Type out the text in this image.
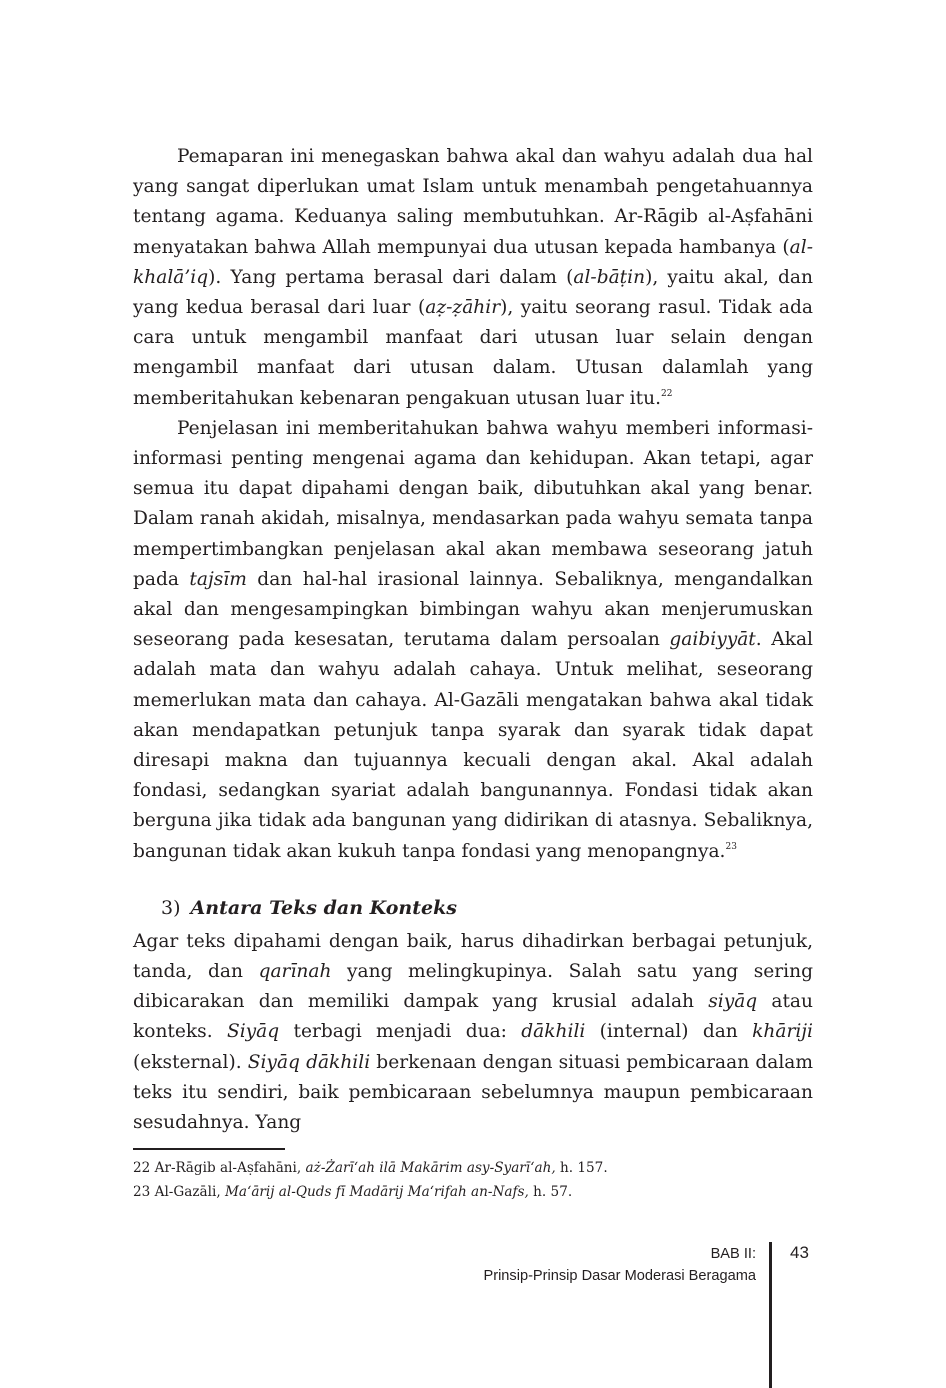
Pemaparan ini menegaskan bahwa akal dan wahyu adalah dua hal yang sangat diperlukan umat Islam untuk menambah pengetahuannya tentang agama. Keduanya saling membutuhkan. Ar-Rāgib al-Aṣfahāni menyatakan bahwa Allah mempunyai dua utusan kepada hambanya (al-khalā’iq). Yang pertama berasal dari dalam (al-bāṭin), yaitu akal, dan yang kedua berasal dari luar (aẓ-ẓāhir), yaitu seorang rasul. Tidak ada cara untuk mengambil manfaat dari utusan luar selain dengan mengambil manfaat dari utusan dalam. Utusan dalamlah yang memberitahukan kebenaran pengakuan utusan luar itu.$^{22}$

Penjelasan ini memberitahukan bahwa wahyu memberi informasi-informasi penting mengenai agama dan kehidupan. Akan tetapi, agar semua itu dapat dipahami dengan baik, dibutuhkan akal yang benar. Dalam ranah akidah, misalnya, mendasarkan pada wahyu semata tanpa mempertimbangkan penjelasan akal akan membawa seseorang jatuh pada tajsīm dan hal-hal irasional lainnya. Sebaliknya, mengandalkan akal dan mengesampingkan bimbingan wahyu akan menjerumuskan seseorang pada kesesatan, terutama dalam persoalan gaibiyyāt. Akal adalah mata dan wahyu adalah cahaya. Untuk melihat, seseorang memerlukan mata dan cahaya. Al-Gazāli mengatakan bahwa akal tidak akan mendapatkan petunjuk tanpa syarak dan syarak tidak dapat diresapi makna dan tujuannya kecuali dengan akal. Akal adalah fondasi, sedangkan syariat adalah bangunannya. Fondasi tidak akan berguna jika tidak ada bangunan yang didirikan di atasnya. Sebaliknya, bangunan tidak akan kukuh tanpa fondasi yang menopangnya.$^{23}$

3) Antara Teks dan Konteks

Agar teks dipahami dengan baik, harus dihadirkan berbagai petunjuk, tanda, dan qarīnah yang melingkupinya. Salah satu yang sering dibicarakan dan memiliki dampak yang krusial adalah siyāq atau konteks. Siyāq terbagi menjadi dua: dākhili (internal) dan khāriji (eksternal). Siyāq dākhili berkenaan dengan situasi pembicaraan dalam teks itu sendiri, baik pembicaraan sebelumnya maupun pembicaraan sesudahnya. Yang

22 Ar-Rāgib al-Aṣfahāni, aż-Żarī‘ah ilā Makārim asy-Syarī‘ah, h. 157.
23 Al-Gazāli, Ma‘ārij al-Quds fī Madārij Ma‘rifah an-Nafs, h. 57.
BAB II:
Prinsip-Prinsip Dasar Moderasi Beragama
43
